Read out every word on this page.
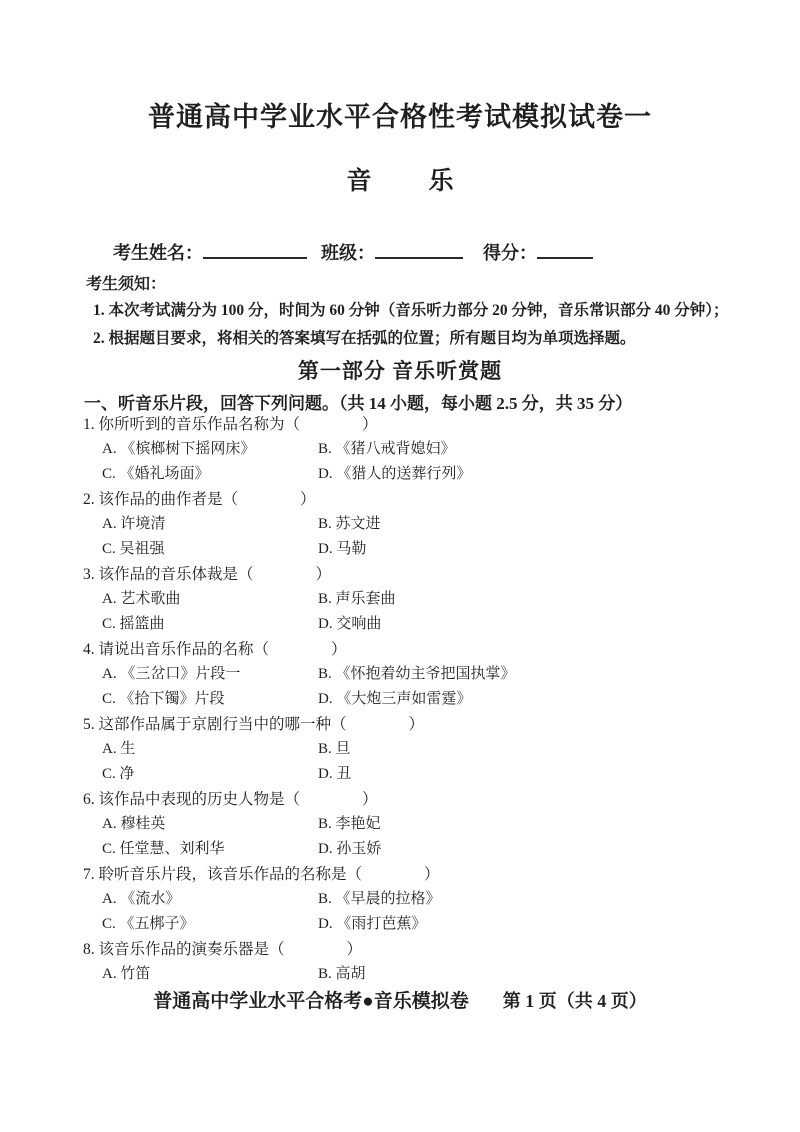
普通高中学业水平合格性考试模拟试卷一
音 乐
考生姓名：	班级：	得分：
考生须知：
1. 本次考试满分为 100 分，时间为 60 分钟（音乐听力部分 20 分钟，音乐常识部分 40 分钟）；
2. 根据题目要求，将相关的答案填写在括弧的位置；所有题目均为单项选择题。
第一部分 音乐听赏题
一、听音乐片段，回答下列问题。（共 14 小题，每小题 2.5 分，共 35 分）
1. 你所听到的音乐作品名称为（　　　　）
A. 《槟榔树下摇网床》	B. 《猪八戒背媳妇》
C. 《婚礼场面》	D. 《猎人的送葬行列》
2. 该作品的曲作者是（　　　　）
A. 许境清	B. 苏文进
C. 吴祖强	D. 马勒
3. 该作品的音乐体裁是（　　　　）
A. 艺术歌曲	B. 声乐套曲
C. 摇篮曲	D. 交响曲
4. 请说出音乐作品的名称（　　　　）
A. 《三岔口》片段一	B. 《怀抱着幼主爷把国执掌》
C. 《拾下镯》片段	D. 《大炮三声如雷霆》
5. 这部作品属于京剧行当中的哪一种（　　　　）
A. 生	B. 旦
C. 净	D. 丑
6. 该作品中表现的历史人物是（　　　　）
A. 穆桂英	B. 李艳妃
C. 任堂慧、刘利华	D. 孙玉娇
7. 聆听音乐片段，该音乐作品的名称是（　　　　）
A. 《流水》	B. 《早晨的拉格》
C. 《五梆子》	D. 《雨打芭蕉》
8. 该音乐作品的演奏乐器是（　　　　）
A. 竹笛	B. 高胡
普通高中学业水平合格考●音乐模拟卷 第 1 页（共 4 页）
